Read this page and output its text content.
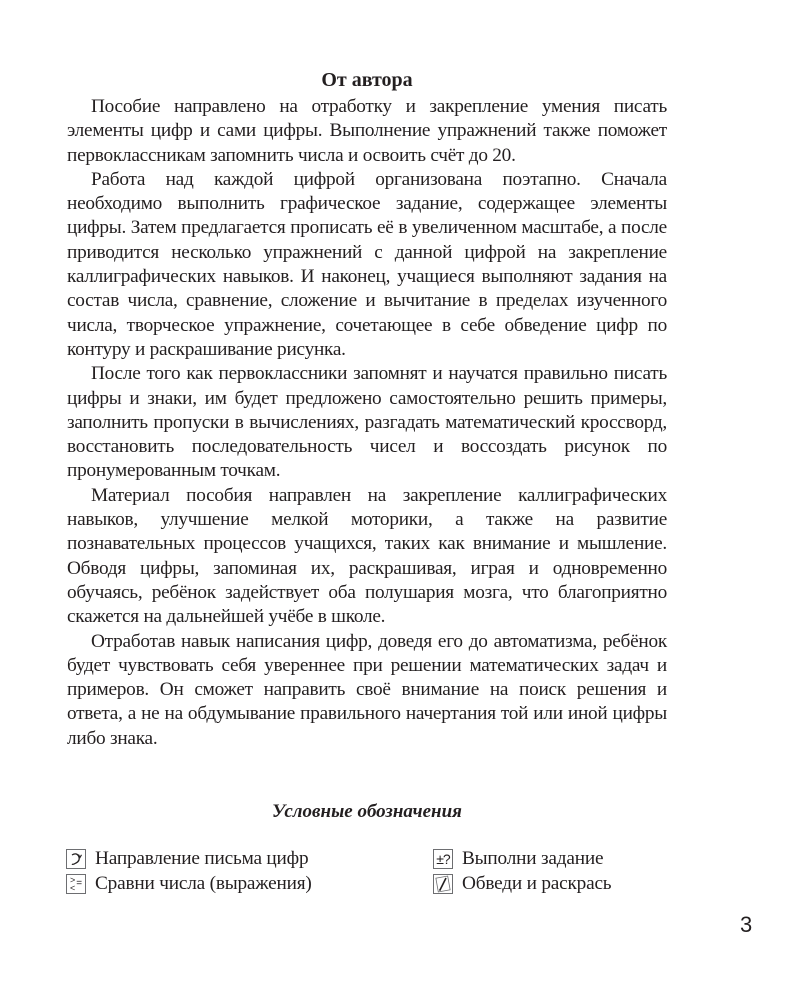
От автора

Пособие направлено на отработку и закрепление умения писать элементы цифр и сами цифры. Выполнение упражнений также поможет первоклассникам запомнить числа и освоить счёт до 20.

Работа над каждой цифрой организована поэтапно. Сначала необходимо выполнить графическое задание, содержащее элементы цифры. Затем предлагается прописать её в увеличенном масштабе, а после приводится несколько упражнений с данной цифрой на закрепление каллиграфических навыков. И наконец, учащиеся выполняют задания на состав числа, сравнение, сложение и вычитание в пределах изученного числа, творческое упражнение, сочетающее в себе обведение цифр по контуру и раскрашивание рисунка.

После того как первоклассники запомнят и научатся правильно писать цифры и знаки, им будет предложено самостоятельно решить примеры, заполнить пропуски в вычислениях, разгадать математический кроссворд, восстановить последовательность чисел и воссоздать рисунок по пронумерованным точкам.

Материал пособия направлен на закрепление каллиграфических навыков, улучшение мелкой моторики, а также на развитие познавательных процессов учащихся, таких как внимание и мышление. Обводя цифры, запоминая их, раскрашивая, играя и одновременно обучаясь, ребёнок задействует оба полушария мозга, что благоприятно скажется на дальнейшей учёбе в школе.

Отработав навык написания цифр, доведя его до автоматизма, ребёнок будет чувствовать себя увереннее при решении математических задач и примеров. Он сможет направить своё внимание на поиск решения и ответа, а не на обдумывание правильного начертания той или иной цифры либо знака.

Условные обозначения
Направление письма цифр	±? Выполни задание
>
< = Сравни числа (выражения)	Обведи и раскрась
3
